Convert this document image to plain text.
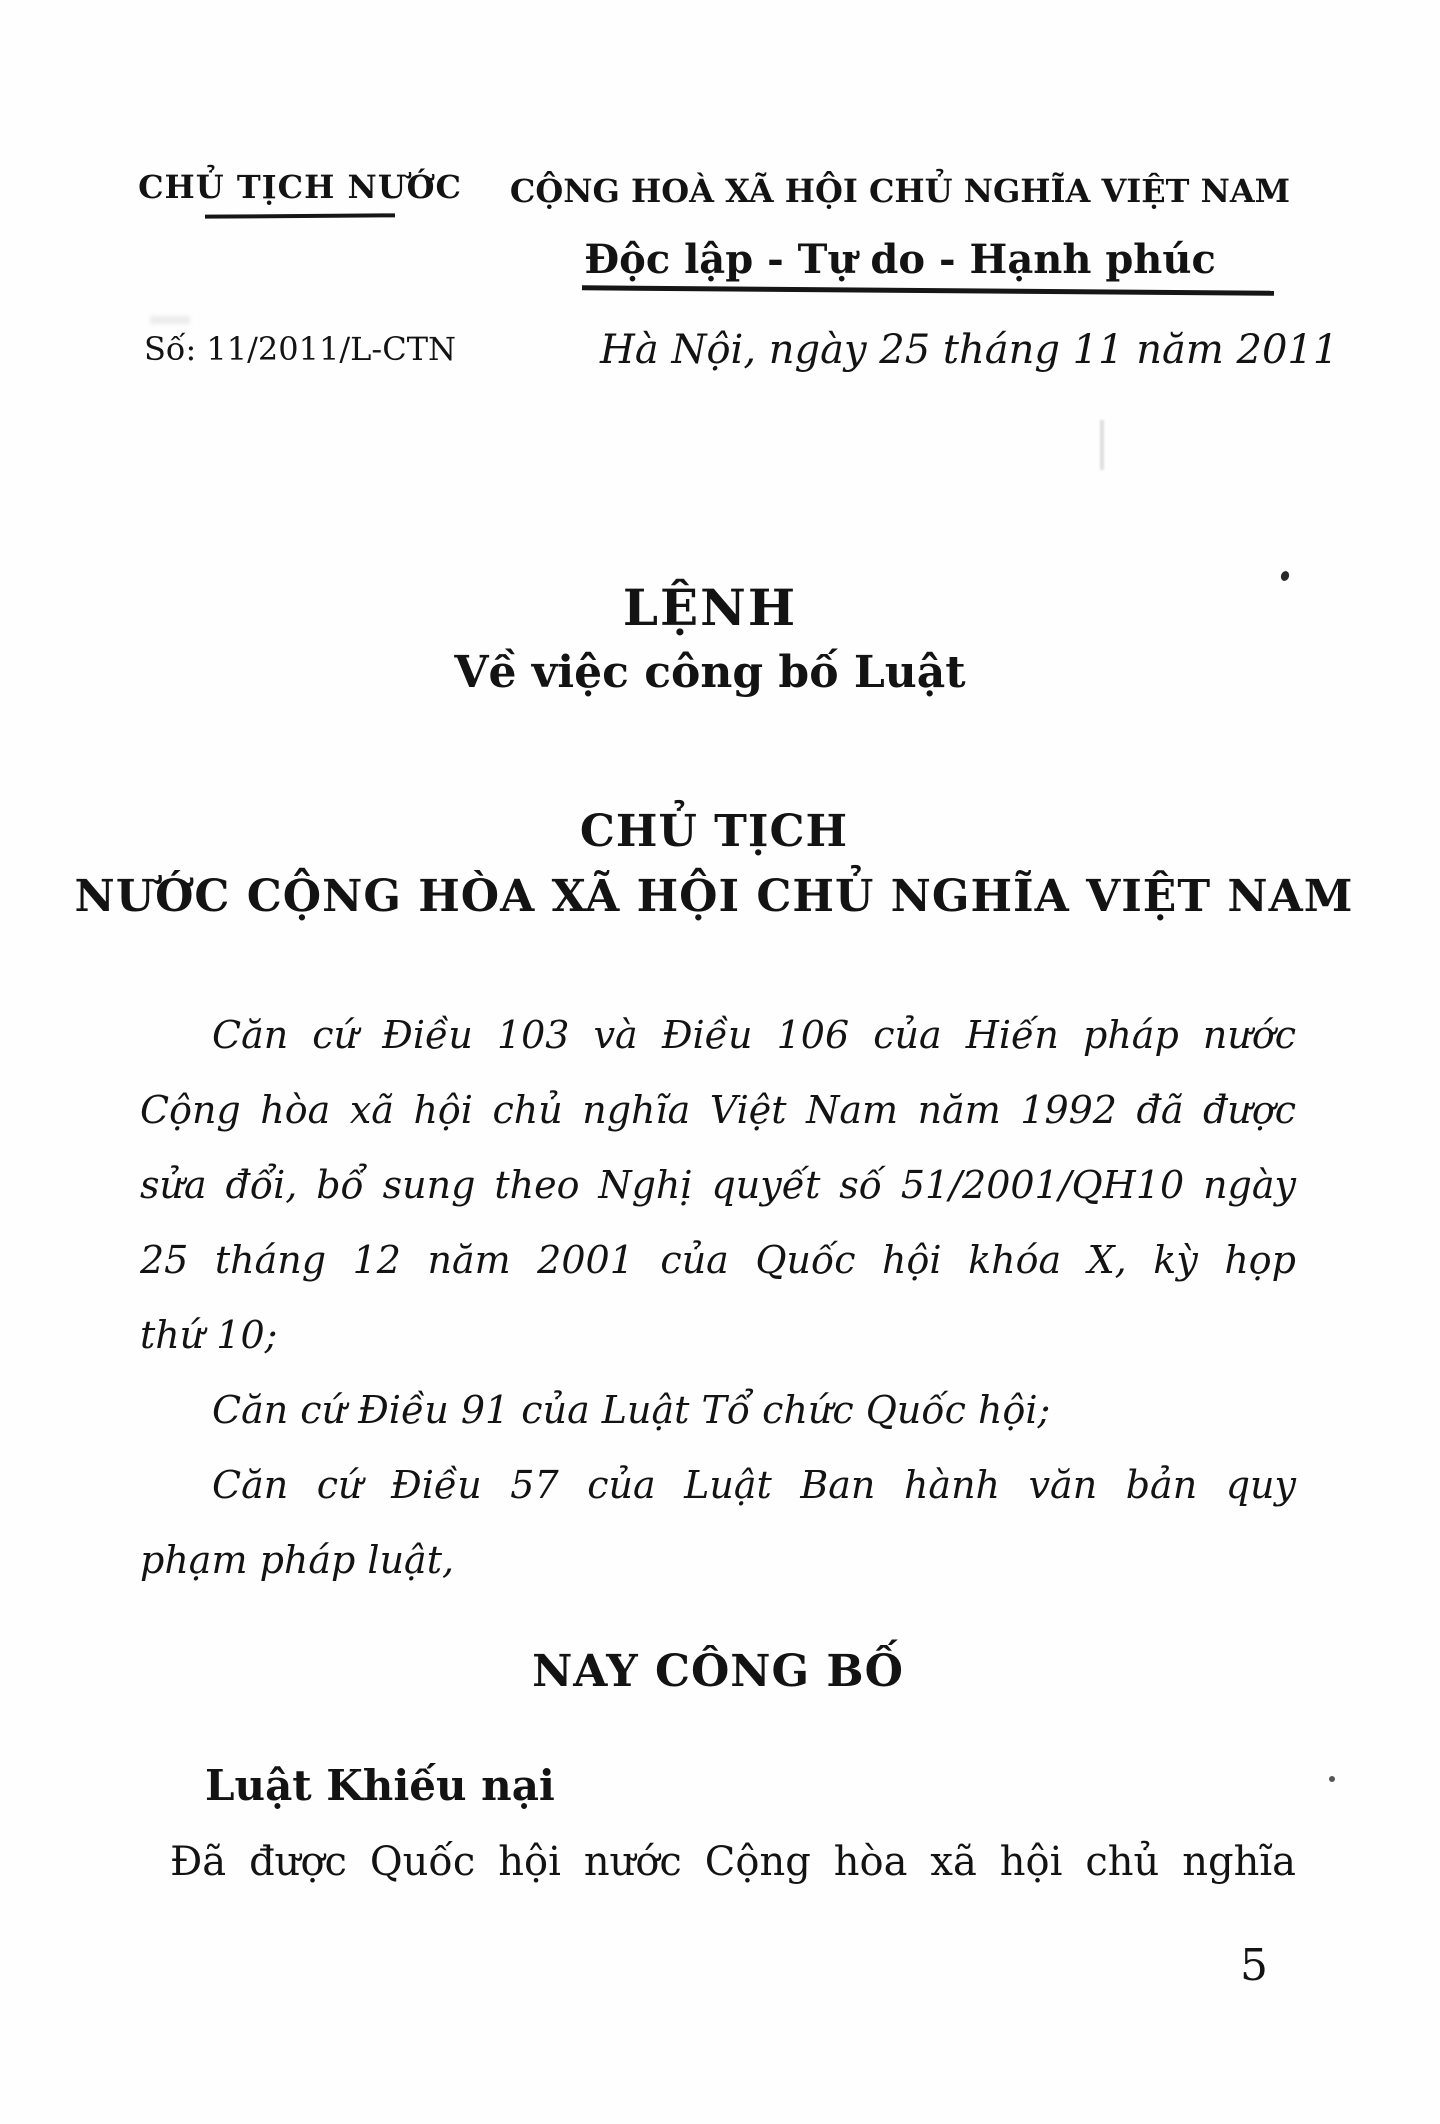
CHỦ TỊCH NƯỚC
Số: 11/2011/L-CTN
CỘNG HOÀ XÃ HỘI CHỦ NGHĨA VIỆT NAM
Độc lập - Tự do - Hạnh phúc
Hà Nội, ngày 25 tháng 11 năm 2011
LỆNH
Về việc công bố Luật
CHỦ TỊCH
NƯỚC CỘNG HÒA XÃ HỘI CHỦ NGHĨA VIỆT NAM
Căn cứ Điều 103 và Điều 106 của Hiến pháp nước
Cộng hòa xã hội chủ nghĩa Việt Nam năm 1992 đã được
sửa đổi, bổ sung theo Nghị quyết số 51/2001/QH10 ngày
25 tháng 12 năm 2001 của Quốc hội khóa X, kỳ họp
thứ 10;
Căn cứ Điều 91 của Luật Tổ chức Quốc hội;
Căn cứ Điều 57 của Luật Ban hành văn bản quy
phạm pháp luật,
NAY CÔNG BỐ
Luật Khiếu nại
Đã được Quốc hội nước Cộng hòa xã hội chủ nghĩa
5
